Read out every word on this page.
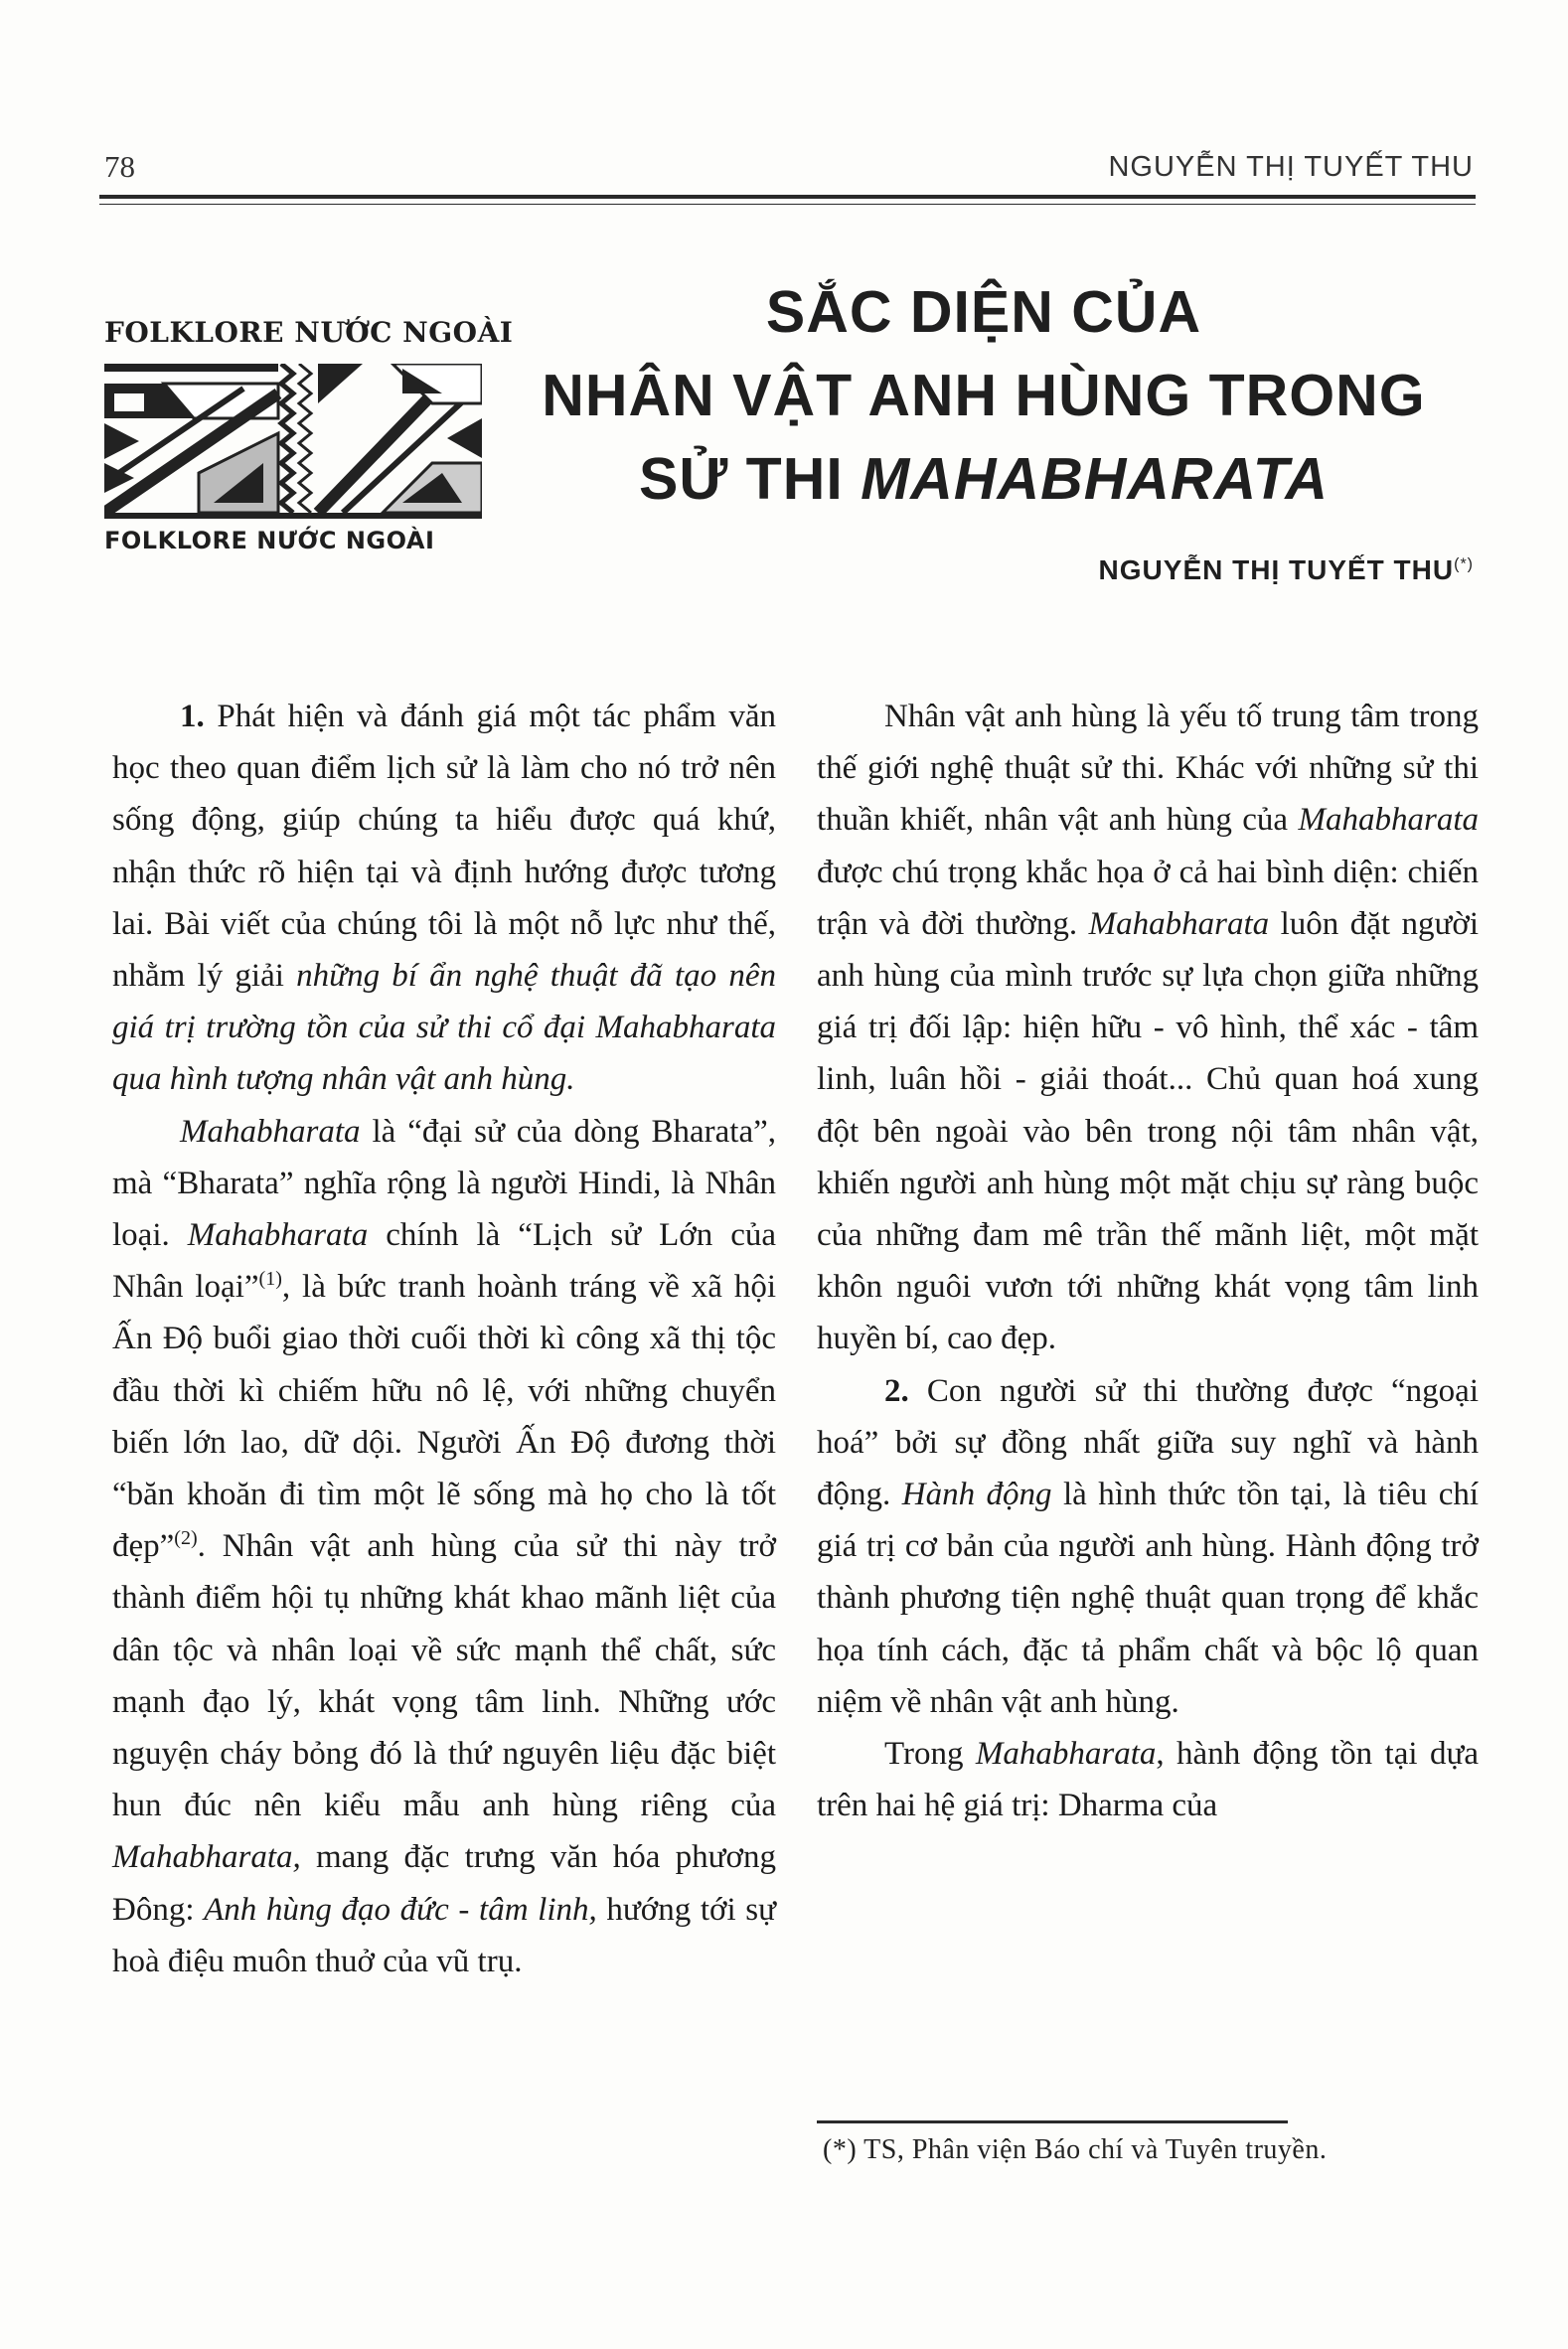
78	NGUYỄN THỊ TUYẾT THU
FOLKLORE NƯỚC NGOÀI
FOLKLORE NƯỚC NGOÀI
SẮC DIỆN CỦA
NHÂN VẬT ANH HÙNG TRONG
SỬ THI MAHABHARATA
NGUYỄN THỊ TUYẾT THU(*)

1. Phát hiện và đánh giá một tác phẩm văn học theo quan điểm lịch sử là làm cho nó trở nên sống động, giúp chúng ta hiểu được quá khứ, nhận thức rõ hiện tại và định hướng được tương lai. Bài viết của chúng tôi là một nỗ lực như thế, nhằm lý giải những bí ẩn nghệ thuật đã tạo nên giá trị trường tồn của sử thi cổ đại Mahabharata qua hình tượng nhân vật anh hùng.

Mahabharata là “đại sử của dòng Bharata”, mà “Bharata” nghĩa rộng là người Hindi, là Nhân loại. Mahabharata chính là “Lịch sử Lớn của Nhân loại”$^{(1)}$, là bức tranh hoành tráng về xã hội Ấn Độ buổi giao thời cuối thời kì công xã thị tộc đầu thời kì chiếm hữu nô lệ, với những chuyển biến lớn lao, dữ dội. Người Ấn Độ đương thời “băn khoăn đi tìm một lẽ sống mà họ cho là tốt đẹp”$^{(2)}$. Nhân vật anh hùng của sử thi này trở thành điểm hội tụ những khát khao mãnh liệt của dân tộc và nhân loại về sức mạnh thể chất, sức mạnh đạo lý, khát vọng tâm linh. Những ước nguyện cháy bỏng đó là thứ nguyên liệu đặc biệt hun đúc nên kiểu mẫu anh hùng riêng của Mahabharata, mang đặc trưng văn hóa phương Đông: Anh hùng đạo đức - tâm linh, hướng tới sự hoà điệu muôn thuở của vũ trụ.

Nhân vật anh hùng là yếu tố trung tâm trong thế giới nghệ thuật sử thi. Khác với những sử thi thuần khiết, nhân vật anh hùng của Mahabharata được chú trọng khắc họa ở cả hai bình diện: chiến trận và đời thường. Mahabharata luôn đặt người anh hùng của mình trước sự lựa chọn giữa những giá trị đối lập: hiện hữu - vô hình, thể xác - tâm linh, luân hồi - giải thoát... Chủ quan hoá xung đột bên ngoài vào bên trong nội tâm nhân vật, khiến người anh hùng một mặt chịu sự ràng buộc của những đam mê trần thế mãnh liệt, một mặt khôn nguôi vươn tới những khát vọng tâm linh huyền bí, cao đẹp.

2. Con người sử thi thường được “ngoại hoá” bởi sự đồng nhất giữa suy nghĩ và hành động. Hành động là hình thức tồn tại, là tiêu chí giá trị cơ bản của người anh hùng. Hành động trở thành phương tiện nghệ thuật quan trọng để khắc họa tính cách, đặc tả phẩm chất và bộc lộ quan niệm về nhân vật anh hùng.

Trong Mahabharata, hành động tồn tại dựa trên hai hệ giá trị: Dharma của

(*) TS, Phân viện Báo chí và Tuyên truyền.
